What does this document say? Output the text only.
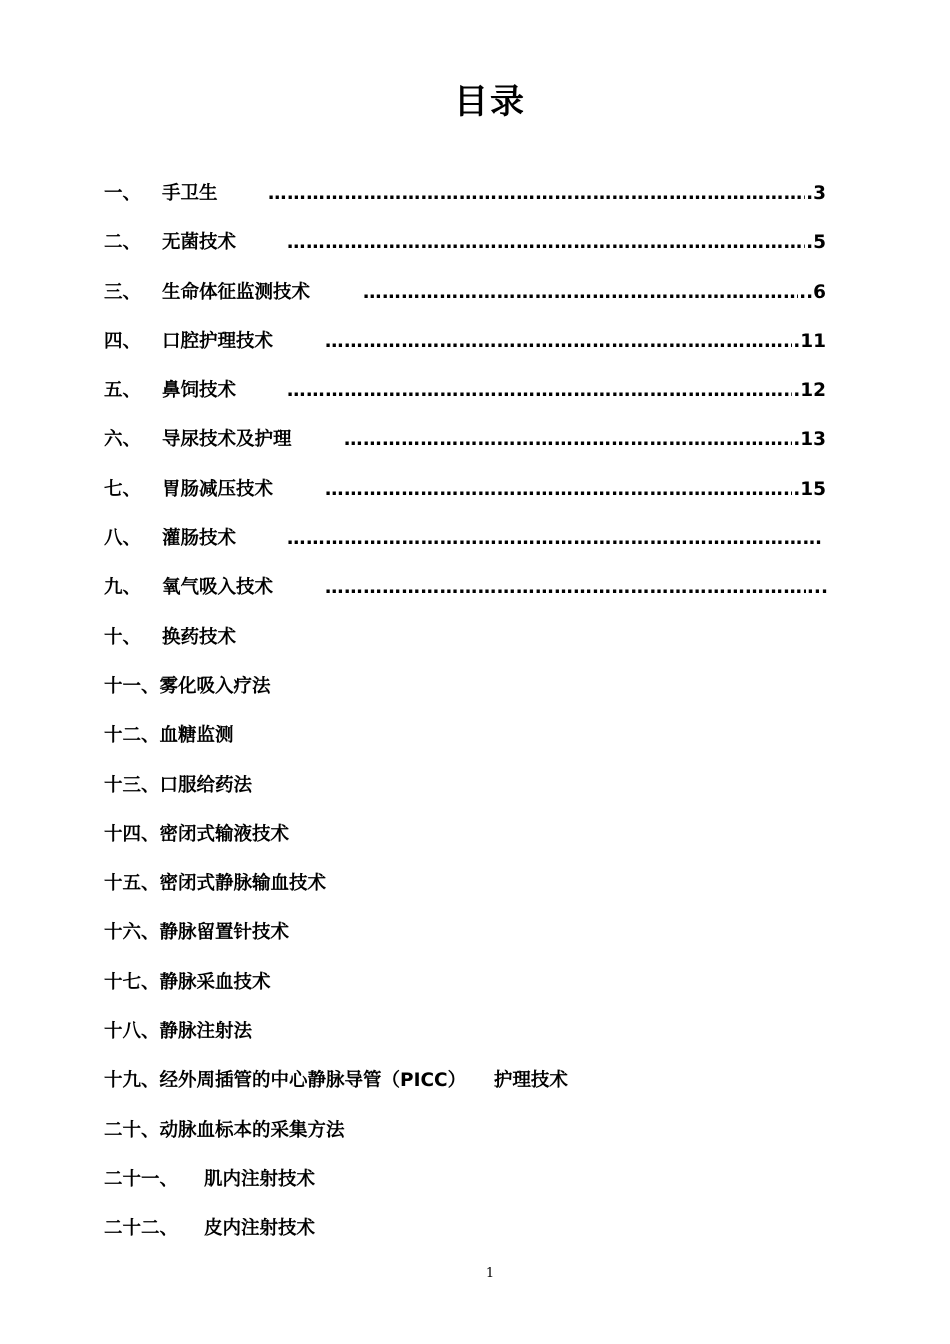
目录
一、 手卫生 ……………………………………………………………………………………………………………………………………………………………	.3
二、 无菌技术 ……………………………………………………………………………………………………………………………………………………………	.5
三、 生命体征监测技术 ……………………………………………………………………………………………………………………………………………………………	..6
四、 口腔护理技术 ……………………………………………………………………………………………………………………………………………………………	.11
五、 鼻饲技术 ……………………………………………………………………………………………………………………………………………………………	.12
六、 导尿技术及护理 ……………………………………………………………………………………………………………………………………………………………	.13
七、 胃肠减压技术 ……………………………………………………………………………………………………………………………………………………………	.15
八、 灌肠技术 ……………………………………………………………………………………………………………………………………………………………	.
九、 氧气吸入技术 ……………………………………………………………………………………………………………………………………………………………	...
十、 换药技术
十一、雾化吸入疗法
十二、血糖监测
十三、口服给药法
十四、密闭式输液技术
十五、密闭式静脉输血技术
十六、静脉留置针技术
十七、静脉采血技术
十八、静脉注射法
十九、经外周插管的中心静脉导管（PICC）　　护理技术
二十、动脉血标本的采集方法
二十一、 肌内注射技术
二十二、 皮内注射技术
1
